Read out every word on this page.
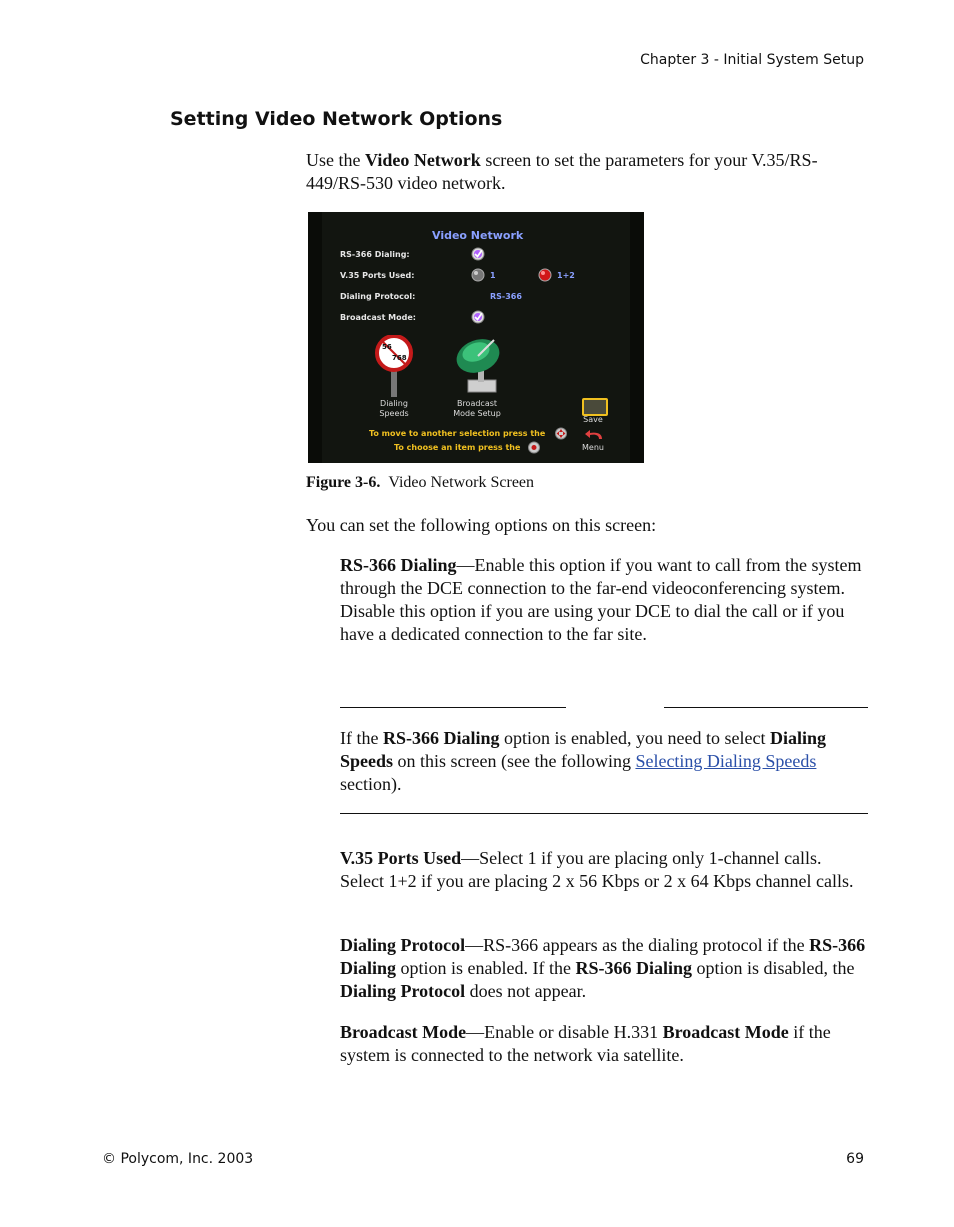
Chapter 3 - Initial System Setup
Setting Video Network Options
Use the Video Network screen to set the parameters for your V.35/RS-449/RS-530 video network.
Video Network
RS-366 Dialing:
V.35 Ports Used:
Dialing Protocol:
Broadcast Mode:
1	1+2
RS-366
56
768
Dialing
Speeds
Broadcast
Mode Setup
Save
Menu
To move to another selection press the
To choose an item press the
Figure 3-6. Video Network Screen
You can set the following options on this screen:
RS-366 Dialing—Enable this option if you want to call from the system through the DCE connection to the far-end videoconferencing system. Disable this option if you are using your DCE to dial the call or if you have a dedicated connection to the far site.
If the RS-366 Dialing option is enabled, you need to select Dialing Speeds on this screen (see the following Selecting Dialing Speeds section).
V.35 Ports Used—Select 1 if you are placing only 1-channel calls. Select 1+2 if you are placing 2 x 56 Kbps or 2 x 64 Kbps channel calls.
Dialing Protocol—RS-366 appears as the dialing protocol if the RS-366 Dialing option is enabled. If the RS-366 Dialing option is disabled, the Dialing Protocol does not appear.
Broadcast Mode—Enable or disable H.331 Broadcast Mode if the system is connected to the network via satellite.
© Polycom, Inc. 2003	69
